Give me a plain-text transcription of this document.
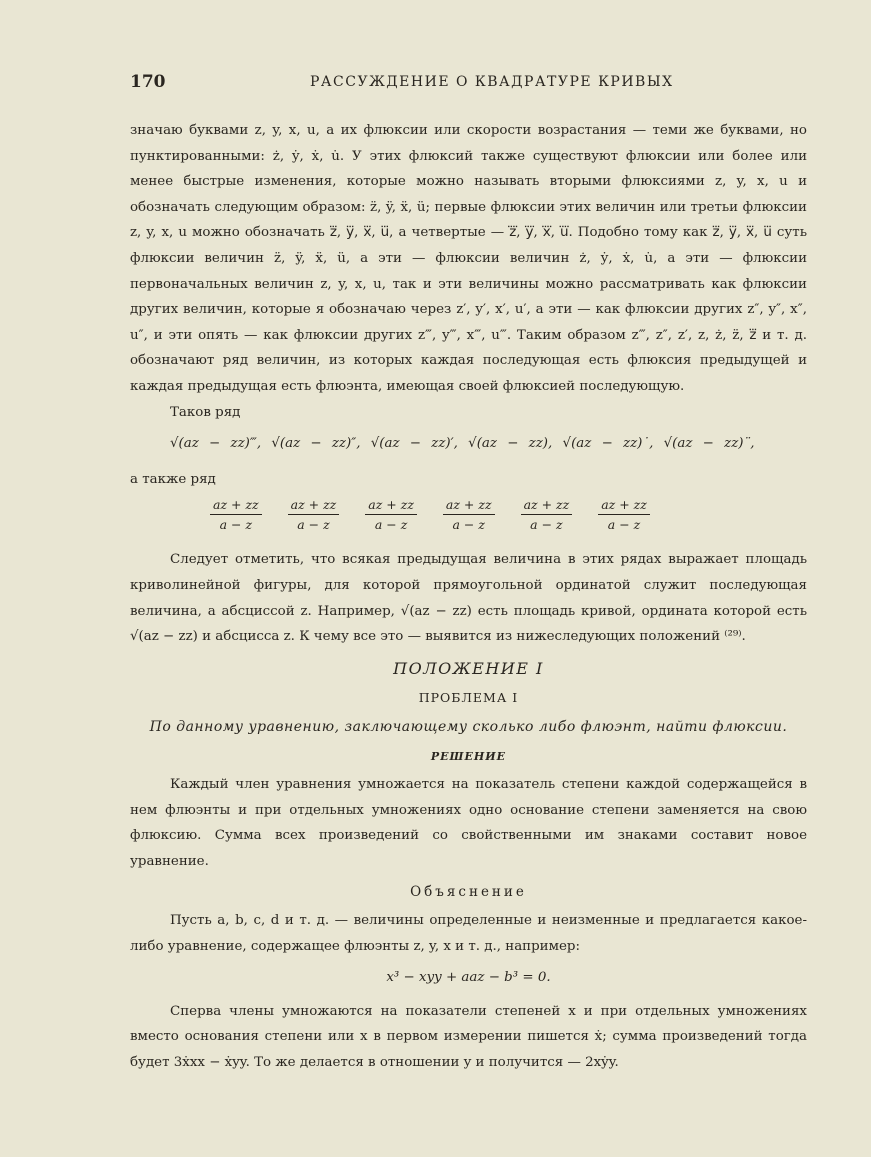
170	РАССУЖДЕНИЕ О КВАДРАТУРЕ КРИВЫХ

значаю буквами z, y, x, u, а их флюксии или скорости возрастания — теми же буквами, но пунктированными: ż, ẏ, ẋ, u̇. У этих флюксий также существуют флюксии или более или менее быстрые изменения, которые можно называть вторыми флюксиями z, y, x, u и обозначать следующим образом: z̈, ÿ, ẍ, ü; первые флюксии этих величин или третьи флюксии z, y, x, u можно обозначать z⃛, y⃛, x⃛, u⃛, а четвертые — z⃜, y⃜, x⃜, u⃜. Подобно тому как z⃛, y⃛, x⃛, u⃛ суть флюксии величин z̈, ÿ, ẍ, ü, а эти — флюксии величин ż, ẏ, ẋ, u̇, а эти — флюксии первоначальных величин z, y, x, u, так и эти величины можно рассматривать как флюксии других величин, которые я обозначаю через z′, y′, x′, u′, а эти — как флюксии других z″, y″, x″, u″, и эти опять — как флюксии других z‴, y‴, x‴, u‴. Таким образом z‴, z″, z′, z, ż, z̈, z⃛ и т. д. обозначают ряд величин, из которых каждая последующая есть флюксия предыдущей и каждая предыдущая есть флюэнта, имеющая своей флюксией последующую.

Таков ряд

√(az − zz)‴, √(az − zz)″, √(az − zz)′, √(az − zz), √(az − zz)˙, √(az − zz)¨,

а также ряд

$\frac{az + zz}{a - z} \frac{az + zz}{a - z} \frac{az + zz}{a - z} \frac{az + zz}{a - z} \frac{az + zz}{a - z} \frac{az + zz}{a - z}$

Следует отметить, что всякая предыдущая величина в этих рядах выражает площадь криволинейной фигуры, для которой прямоугольной ординатой служит последующая величина, а абсциссой z. Например, √(az − zz) есть площадь кривой, ордината которой есть √(az − zz) и абсцисса z. К чему все это — выявится из нижеследующих положений ⁽²⁹⁾.

ПОЛОЖЕНИЕ I
ПРОБЛЕМА I
По данному уравнению, заключающему сколько либо флюэнт, найти флюксии.
РЕШЕНИЕ

Каждый член уравнения умножается на показатель степени каждой содержащейся в нем флюэнты и при отдельных умножениях одно основание степени заменяется на свою флюксию. Сумма всех произведений со свойственными им знаками составит новое уравнение.

Объяснение

Пусть a, b, c, d и т. д. — величины определенные и неизменные и предлагается какое-либо уравнение, содержащее флюэнты z, y, x и т. д., например:

x³ − xyy + aaz − b³ = 0.

Сперва члены умножаются на показатели степеней x и при отдельных умножениях вместо основания степени или x в первом измерении пишется ẋ; сумма произведений тогда будет 3ẋxx − ẋyy. То же делается в отношении y и получится — 2xẏy.
